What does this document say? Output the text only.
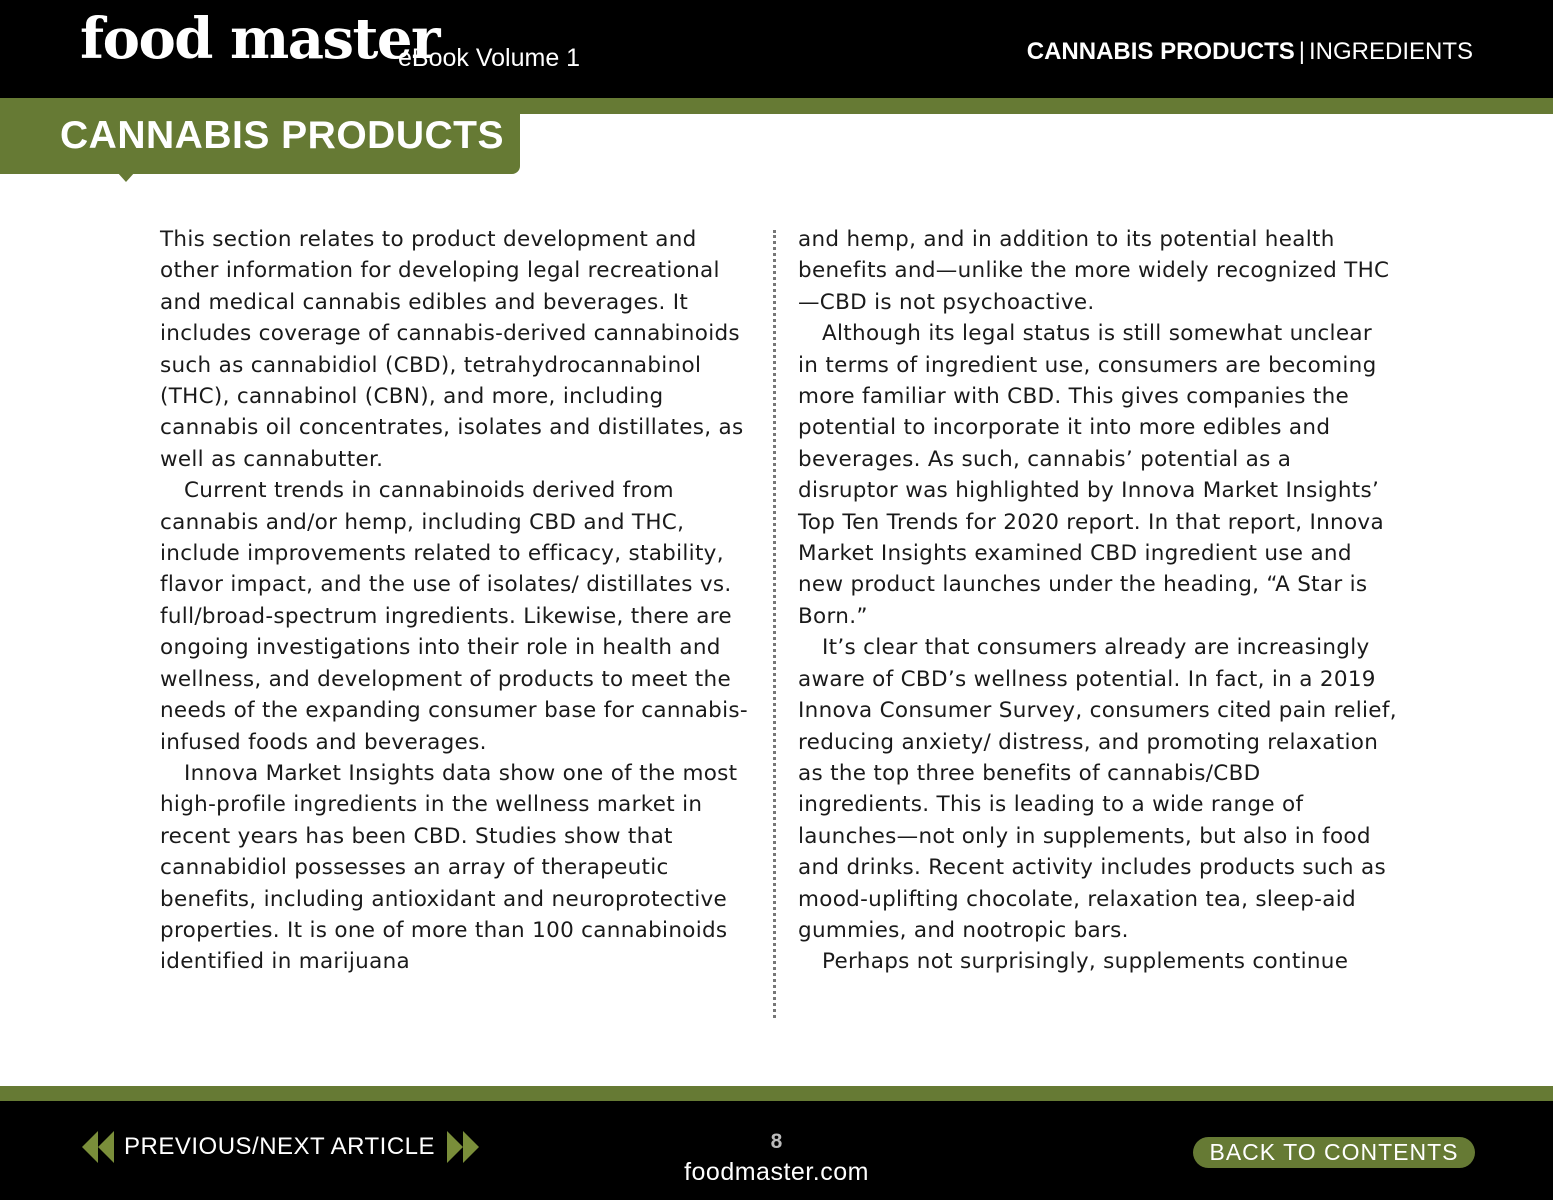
food master
eBook Volume 1	CANNABIS PRODUCTS | INGREDIENTS
CANNABIS PRODUCTS

This section relates to product development and other information for developing legal recreational and medical cannabis edibles and beverages. It includes coverage of cannabis-derived cannabinoids such as cannabidiol (CBD), tetrahydrocannabinol (THC), cannabinol (CBN), and more, including cannabis oil concentrates, isolates and distillates, as well as cannabutter.

Current trends in cannabinoids derived from cannabis and/or hemp, including CBD and THC, include improvements related to efficacy, stability, flavor impact, and the use of isolates/ distillates vs. full/broad-spectrum ingredients. Likewise, there are ongoing investigations into their role in health and wellness, and development of products to meet the needs of the expanding consumer base for cannabis-infused foods and beverages.

Innova Market Insights data show one of the most high-profile ingredients in the wellness market in recent years has been CBD. Studies show that cannabidiol possesses an array of therapeutic benefits, including antioxidant and neuroprotective properties. It is one of more than 100 cannabinoids identified in marijuana

and hemp, and in addition to its potential health benefits and—unlike the more widely recognized THC—CBD is not psychoactive.

Although its legal status is still somewhat unclear in terms of ingredient use, consumers are becoming more familiar with CBD. This gives companies the potential to incorporate it into more edibles and beverages. As such, cannabis’ potential as a disruptor was highlighted by Innova Market Insights’ Top Ten Trends for 2020 report. In that report, Innova Market Insights examined CBD ingredient use and new product launches under the heading, “A Star is Born.”

It’s clear that consumers already are increasingly aware of CBD’s wellness potential. In fact, in a 2019 Innova Consumer Survey, consumers cited pain relief, reducing anxiety/ distress, and promoting relaxation as the top three benefits of cannabis/CBD ingredients. This is leading to a wide range of launches—not only in supplements, but also in food and drinks. Recent activity includes products such as mood-uplifting chocolate, relaxation tea, sleep-aid gummies, and nootropic bars.

Perhaps not surprisingly, supplements continue

PREVIOUS/NEXT ARTICLE	8
foodmaster.com
BACK TO CONTENTS
